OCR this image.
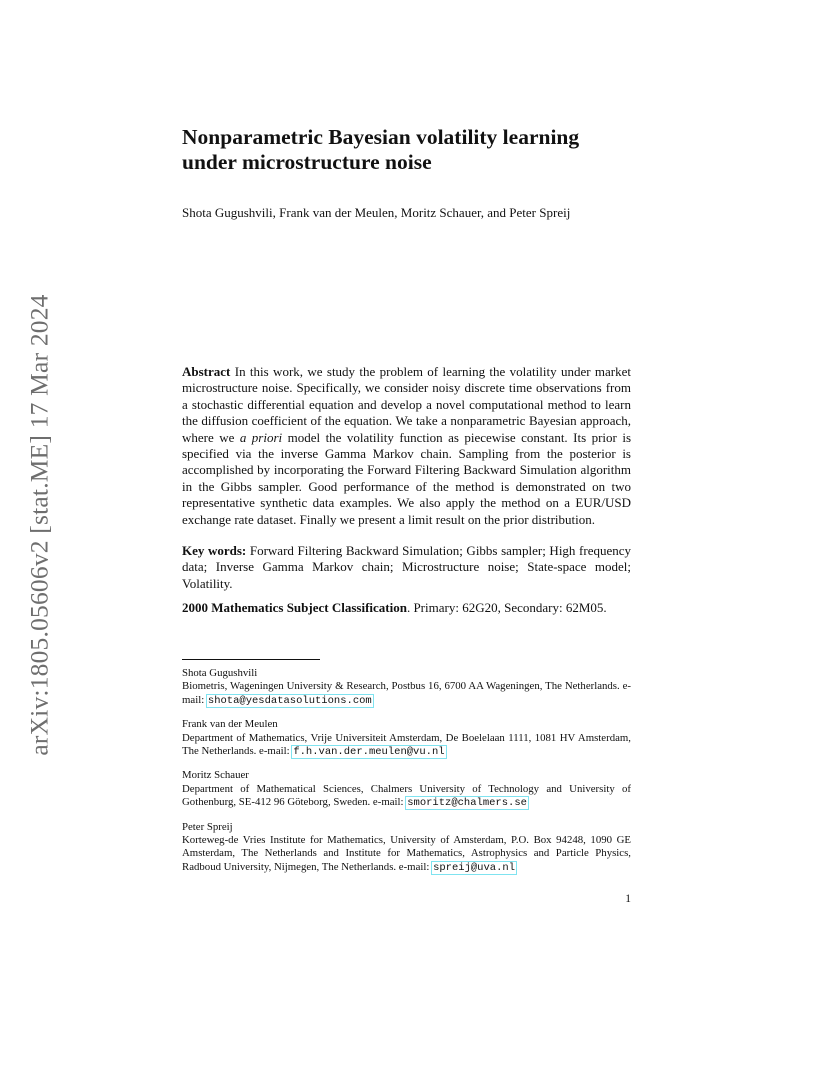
arXiv:1805.05606v2 [stat.ME] 17 Mar 2024
Nonparametric Bayesian volatility learning
under microstructure noise
Shota Gugushvili, Frank van der Meulen, Moritz Schauer, and Peter Spreij

Abstract In this work, we study the problem of learning the volatility under market microstructure noise. Specifically, we consider noisy discrete time observations from a stochastic differential equation and develop a novel computational method to learn the diffusion coefficient of the equation. We take a nonparametric Bayesian approach, where we a priori model the volatility function as piecewise constant. Its prior is specified via the inverse Gamma Markov chain. Sampling from the posterior is accomplished by incorporating the Forward Filtering Backward Simulation algorithm in the Gibbs sampler. Good performance of the method is demonstrated on two representative synthetic data examples. We also apply the method on a EUR/USD exchange rate dataset. Finally we present a limit result on the prior distribution.

Key words: Forward Filtering Backward Simulation; Gibbs sampler; High frequency data; Inverse Gamma Markov chain; Microstructure noise; State-space model; Volatility.

2000 Mathematics Subject Classification. Primary: 62G20, Secondary: 62M05.

Shota Gugushvili
Biometris, Wageningen University & Research, Postbus 16, 6700 AA Wageningen, The Netherlands. e-mail: shota@yesdatasolutions.com

Frank van der Meulen
Department of Mathematics, Vrije Universiteit Amsterdam, De Boelelaan 1111, 1081 HV Amsterdam, The Netherlands. e-mail: f.h.van.der.meulen@vu.nl

Moritz Schauer
Department of Mathematical Sciences, Chalmers University of Technology and University of Gothenburg, SE-412 96 Göteborg, Sweden. e-mail: smoritz@chalmers.se

Peter Spreij
Korteweg-de Vries Institute for Mathematics, University of Amsterdam, P.O. Box 94248, 1090 GE Amsterdam, The Netherlands and Institute for Mathematics, Astrophysics and Particle Physics, Radboud University, Nijmegen, The Netherlands. e-mail: spreij@uva.nl

1
